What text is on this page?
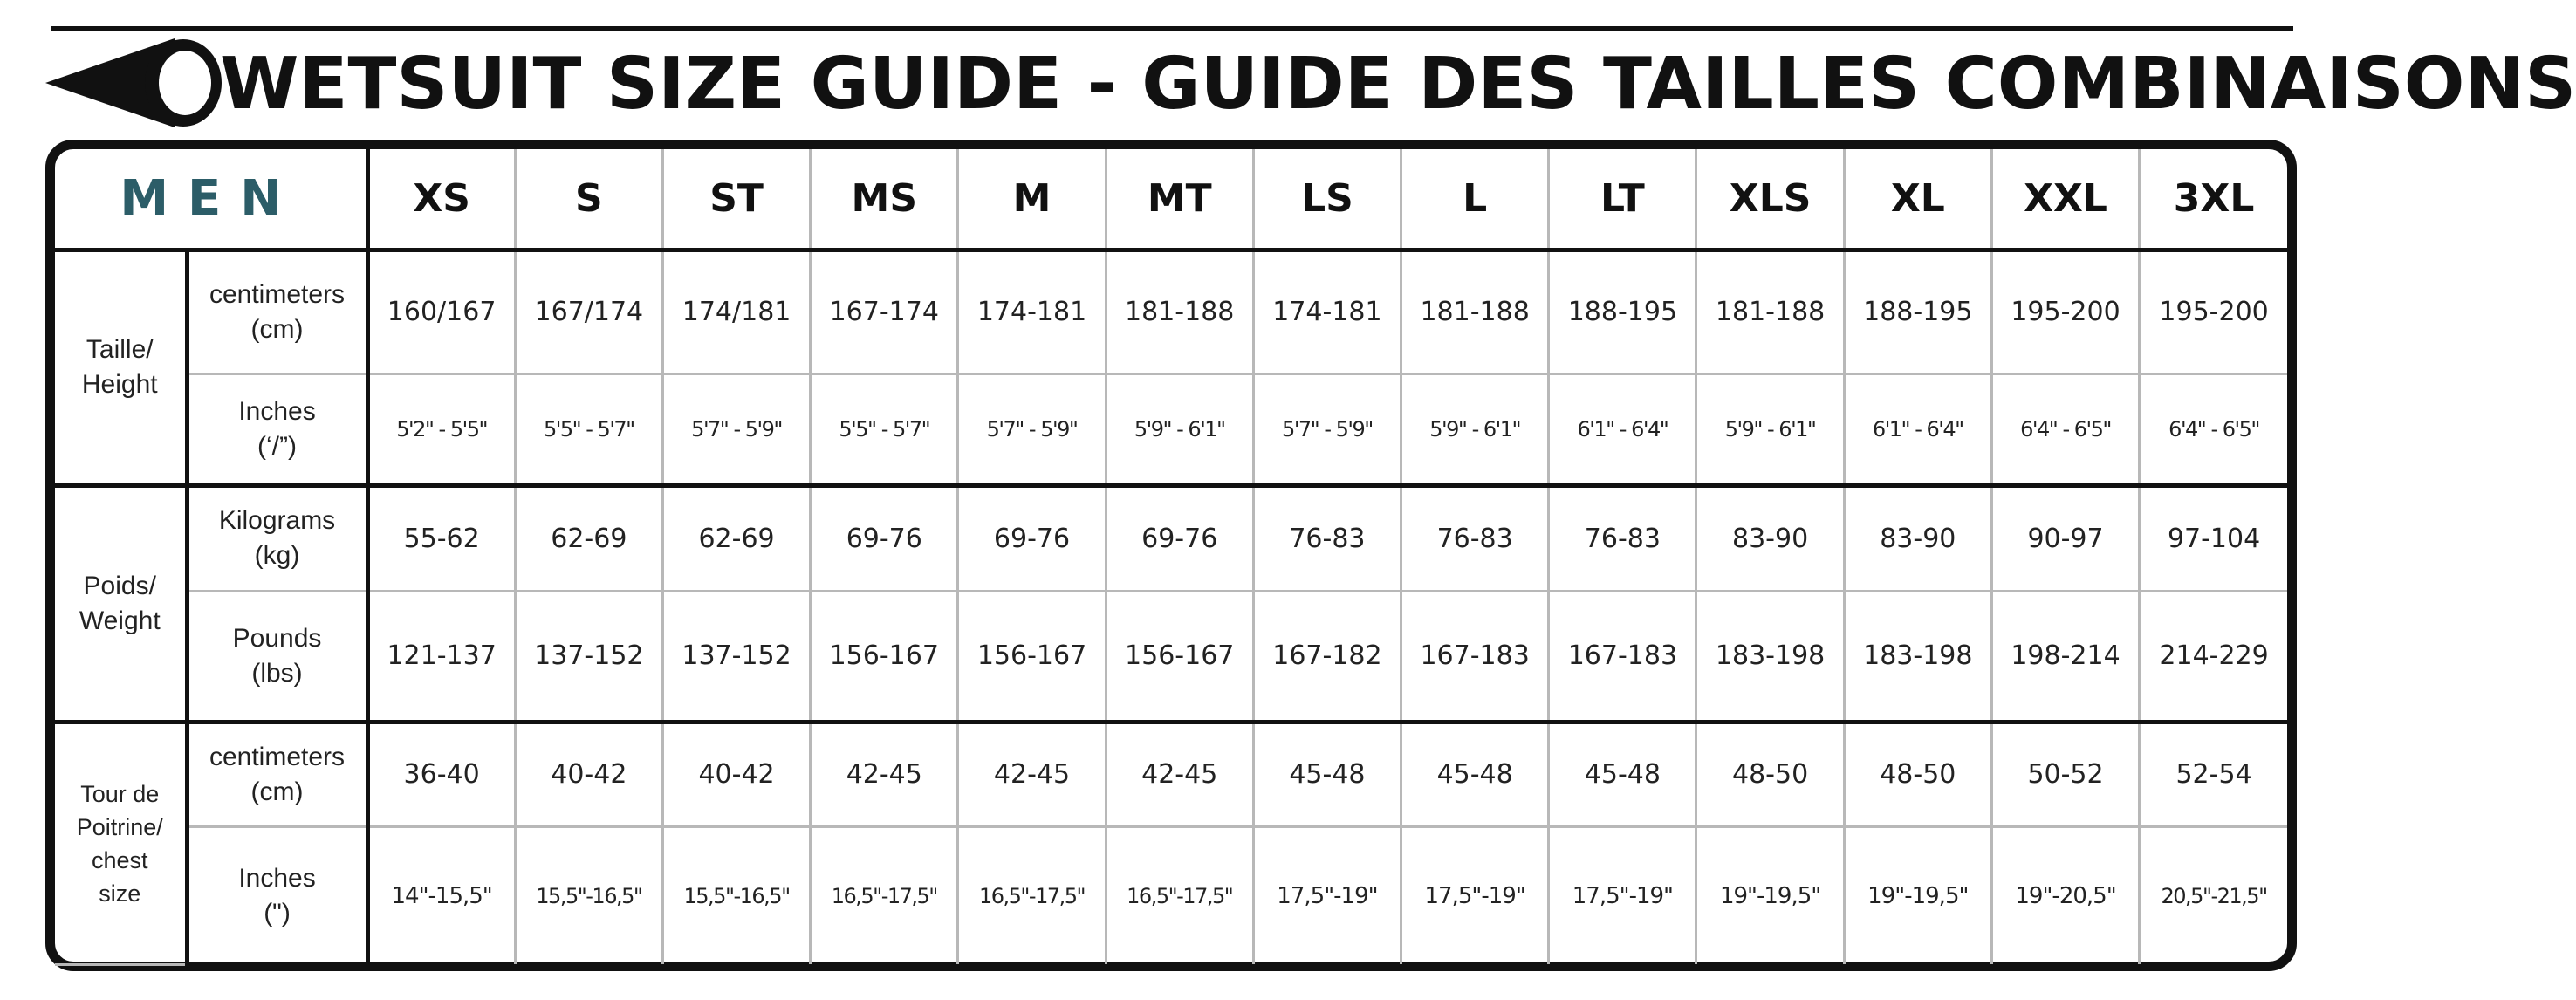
WETSUIT SIZE GUIDE - GUIDE DES TAILLES COMBINAISONS
MEN		XS	S	ST	MS	M	MT	LS	L	LT	XLS	XL	XXL	3XL

Taille/
Height	centimeters
(cm)	160/167	167/174	174/181	167-174	174-181	181-188	174-181	181-188	188-195	181-188	188-195	195-200	195-200

	Inches
(‘/”)	5'2" - 5'5"	5'5" - 5'7"	5'7" - 5'9"	5'5" - 5'7"	5'7" - 5'9"	5'9" - 6'1"	5'7" - 5'9"	5'9" - 6'1"	6'1" - 6'4"	5'9" - 6'1"	6'1" - 6'4"	6'4" - 6'5"	6'4" - 6'5"

Poids/
Weight	Kilograms
(kg)	55-62	62-69	62-69	69-76	69-76	69-76	76-83	76-83	76-83	83-90	83-90	90-97	97-104

	Pounds
(lbs)	121-137	137-152	137-152	156-167	156-167	156-167	167-182	167-183	167-183	183-198	183-198	198-214	214-229

Tour de
Poitrine/
chest
size	centimeters
(cm)	36-40	40-42	40-42	42-45	42-45	42-45	45-48	45-48	45-48	48-50	48-50	50-52	52-54

	Inches
(")	14"-15,5"	15,5"-16,5"	15,5"-16,5"	16,5"-17,5"	16,5"-17,5"	16,5"-17,5"	17,5"-19"	17,5"-19"	17,5"-19"	19"-19,5"	19"-19,5"	19"-20,5"	20,5"-21,5"
